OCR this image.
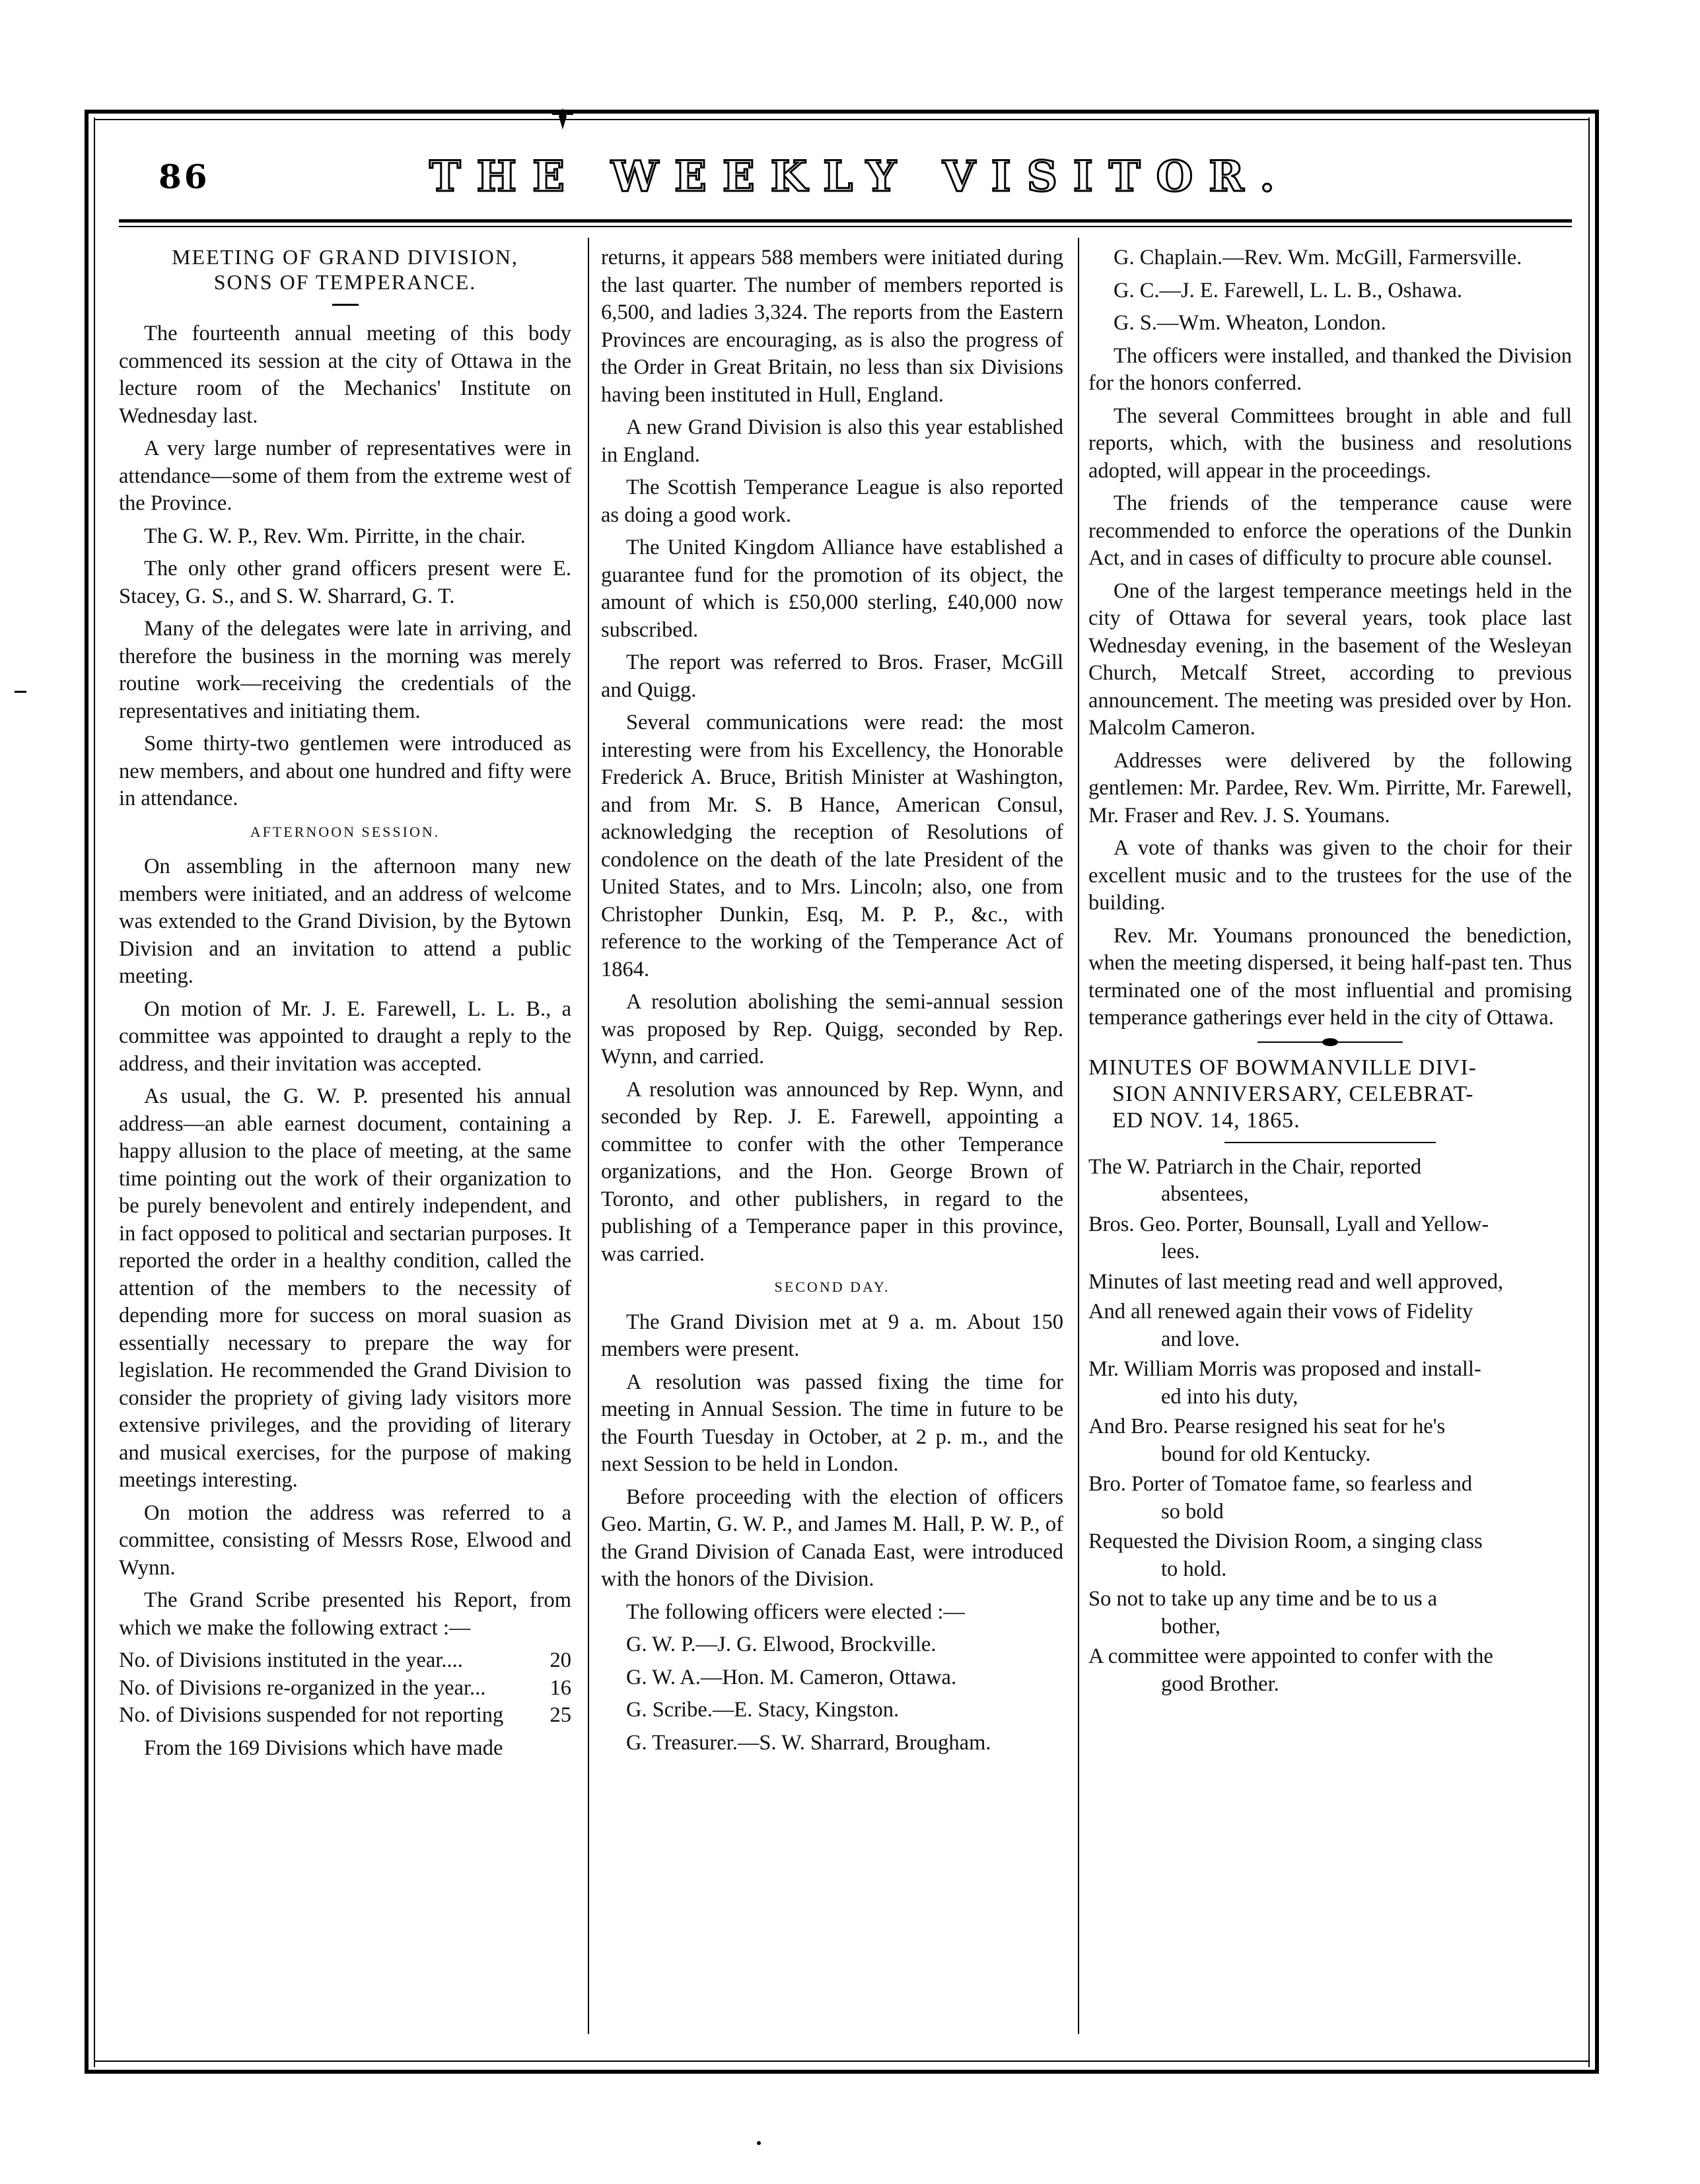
86	THE WEEKLY VISITOR.
MEETING OF GRAND DIVISION,
SONS OF TEMPERANCE.

The fourteenth annual meeting of this body commenced its session at the city of Ottawa in the lecture room of the Mechanics' Institute on Wednesday last.

A very large number of representatives were in attendance—some of them from the extreme west of the Province.

The G. W. P., Rev. Wm. Pirritte, in the chair.

The only other grand officers present were E. Stacey, G. S., and S. W. Sharrard, G. T.

Many of the delegates were late in arriving, and therefore the business in the morning was merely routine work—receiving the credentials of the representatives and initiating them.

Some thirty-two gentlemen were introduced as new members, and about one hundred and fifty were in attendance.

AFTERNOON SESSION.

On assembling in the afternoon many new members were initiated, and an address of welcome was extended to the Grand Division, by the Bytown Division and an invitation to attend a public meeting.

On motion of Mr. J. E. Farewell, L. L. B., a committee was appointed to draught a reply to the address, and their invitation was accepted.

As usual, the G. W. P. presented his annual address—an able earnest document, containing a happy allusion to the place of meeting, at the same time pointing out the work of their organization to be purely benevolent and entirely independent, and in fact opposed to political and sectarian purposes. It reported the order in a healthy condition, called the attention of the members to the necessity of depending more for success on moral suasion as essentially necessary to prepare the way for legislation. He recommended the Grand Division to consider the propriety of giving lady visitors more extensive privileges, and the providing of literary and musical exercises, for the purpose of making meetings interesting.

On motion the address was referred to a committee, consisting of Messrs Rose, Elwood and Wynn.

The Grand Scribe presented his Report, from which we make the following extract :—

No. of Divisions instituted in the year....	20
No. of Divisions re-organized in the year...	16
No. of Divisions suspended for not reporting 25

From the 169 Divisions which have made

returns, it appears 588 members were initiated during the last quarter. The number of members reported is 6,500, and ladies 3,324. The reports from the Eastern Provinces are encouraging, as is also the progress of the Order in Great Britain, no less than six Divisions having been instituted in Hull, England.

A new Grand Division is also this year established in England.

The Scottish Temperance League is also reported as doing a good work.

The United Kingdom Alliance have established a guarantee fund for the promotion of its object, the amount of which is £50,000 sterling, £40,000 now subscribed.

The report was referred to Bros. Fraser, McGill and Quigg.

Several communications were read: the most interesting were from his Excellency, the Honorable Frederick A. Bruce, British Minister at Washington, and from Mr. S. B Hance, American Consul, acknowledging the reception of Resolutions of condolence on the death of the late President of the United States, and to Mrs. Lincoln; also, one from Christopher Dunkin, Esq, M. P. P., &c., with reference to the working of the Temperance Act of 1864.

A resolution abolishing the semi-annual session was proposed by Rep. Quigg, seconded by Rep. Wynn, and carried.

A resolution was announced by Rep. Wynn, and seconded by Rep. J. E. Farewell, appointing a committee to confer with the other Temperance organizations, and the Hon. George Brown of Toronto, and other publishers, in regard to the publishing of a Temperance paper in this province, was carried.

SECOND DAY.

The Grand Division met at 9 a. m. About 150 members were present.

A resolution was passed fixing the time for meeting in Annual Session. The time in future to be the Fourth Tuesday in October, at 2 p. m., and the next Session to be held in London.

Before proceeding with the election of officers Geo. Martin, G. W. P., and James M. Hall, P. W. P., of the Grand Division of Canada East, were introduced with the honors of the Division.

The following officers were elected :—

G. W. P.—J. G. Elwood, Brockville.

G. W. A.—Hon. M. Cameron, Ottawa.

G. Scribe.—E. Stacy, Kingston.

G. Treasurer.—S. W. Sharrard, Brougham.

G. Chaplain.—Rev. Wm. McGill, Farmersville.

G. C.—J. E. Farewell, L. L. B., Oshawa.

G. S.—Wm. Wheaton, London.

The officers were installed, and thanked the Division for the honors conferred.

The several Committees brought in able and full reports, which, with the business and resolutions adopted, will appear in the proceedings.

The friends of the temperance cause were recommended to enforce the operations of the Dunkin Act, and in cases of difficulty to procure able counsel.

One of the largest temperance meetings held in the city of Ottawa for several years, took place last Wednesday evening, in the basement of the Wesleyan Church, Metcalf Street, according to previous announcement. The meeting was presided over by Hon. Malcolm Cameron.

Addresses were delivered by the following gentlemen: Mr. Pardee, Rev. Wm. Pirritte, Mr. Farewell, Mr. Fraser and Rev. J. S. Youmans.

A vote of thanks was given to the choir for their excellent music and to the trustees for the use of the building.

Rev. Mr. Youmans pronounced the benediction, when the meeting dispersed, it being half-past ten. Thus terminated one of the most influential and promising temperance gatherings ever held in the city of Ottawa.

MINUTES OF BOWMANVILLE DIVI-
SION ANNIVERSARY, CELEBRAT-
ED NOV. 14, 1865.
The W. Patriarch in the Chair, reported
absentees,
Bros. Geo. Porter, Bounsall, Lyall and Yellow-
lees.
Minutes of last meeting read and well approved,
And all renewed again their vows of Fidelity
and love.
Mr. William Morris was proposed and install-
ed into his duty,
And Bro. Pearse resigned his seat for he's
bound for old Kentucky.
Bro. Porter of Tomatoe fame, so fearless and
so bold
Requested the Division Room, a singing class
to hold.
So not to take up any time and be to us a
bother,
A committee were appointed to confer with the
good Brother.
